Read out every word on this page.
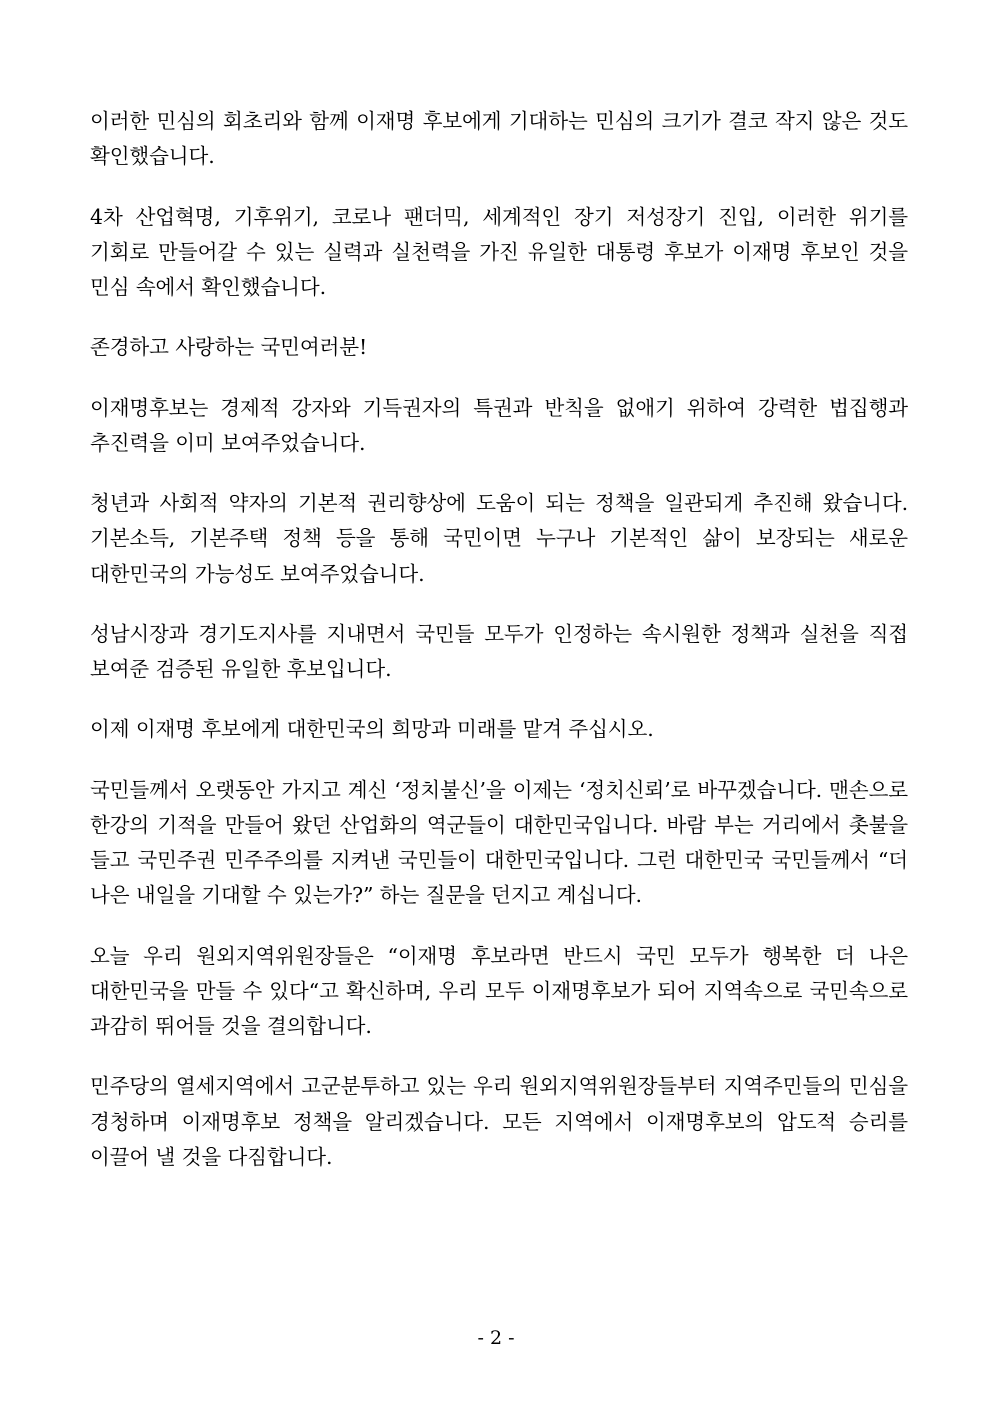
이러한 민심의 회초리와 함께 이재명 후보에게 기대하는 민심의 크기가 결코 작지 않은 것도 확인했습니다.

4차 산업혁명, 기후위기, 코로나 팬더믹, 세계적인 장기 저성장기 진입, 이러한 위기를 기회로 만들어갈 수 있는 실력과 실천력을 가진 유일한 대통령 후보가 이재명 후보인 것을 민심 속에서 확인했습니다.

존경하고 사랑하는 국민여러분!

이재명후보는 경제적 강자와 기득권자의 특권과 반칙을 없애기 위하여 강력한 법집행과 추진력을 이미 보여주었습니다.

청년과 사회적 약자의 기본적 권리향상에 도움이 되는 정책을 일관되게 추진해 왔습니다. 기본소득, 기본주택 정책 등을 통해 국민이면 누구나 기본적인 삶이 보장되는 새로운 대한민국의 가능성도 보여주었습니다.

성남시장과 경기도지사를 지내면서 국민들 모두가 인정하는 속시원한 정책과 실천을 직접 보여준 검증된 유일한 후보입니다.

이제 이재명 후보에게 대한민국의 희망과 미래를 맡겨 주십시오.

국민들께서 오랫동안 가지고 계신 ‘정치불신’을 이제는 ‘정치신뢰’로 바꾸겠습니다. 맨손으로 한강의 기적을 만들어 왔던 산업화의 역군들이 대한민국입니다. 바람 부는 거리에서 촛불을 들고 국민주권 민주주의를 지켜낸 국민들이 대한민국입니다. 그런 대한민국 국민들께서 “더 나은 내일을 기대할 수 있는가?” 하는 질문을 던지고 계십니다.

오늘 우리 원외지역위원장들은 “이재명 후보라면 반드시 국민 모두가 행복한 더 나은 대한민국을 만들 수 있다“고 확신하며, 우리 모두 이재명후보가 되어 지역속으로 국민속으로 과감히 뛰어들 것을 결의합니다.

민주당의 열세지역에서 고군분투하고 있는 우리 원외지역위원장들부터 지역주민들의 민심을 경청하며 이재명후보 정책을 알리겠습니다. 모든 지역에서 이재명후보의 압도적 승리를 이끌어 낼 것을 다짐합니다.

- 2 -
